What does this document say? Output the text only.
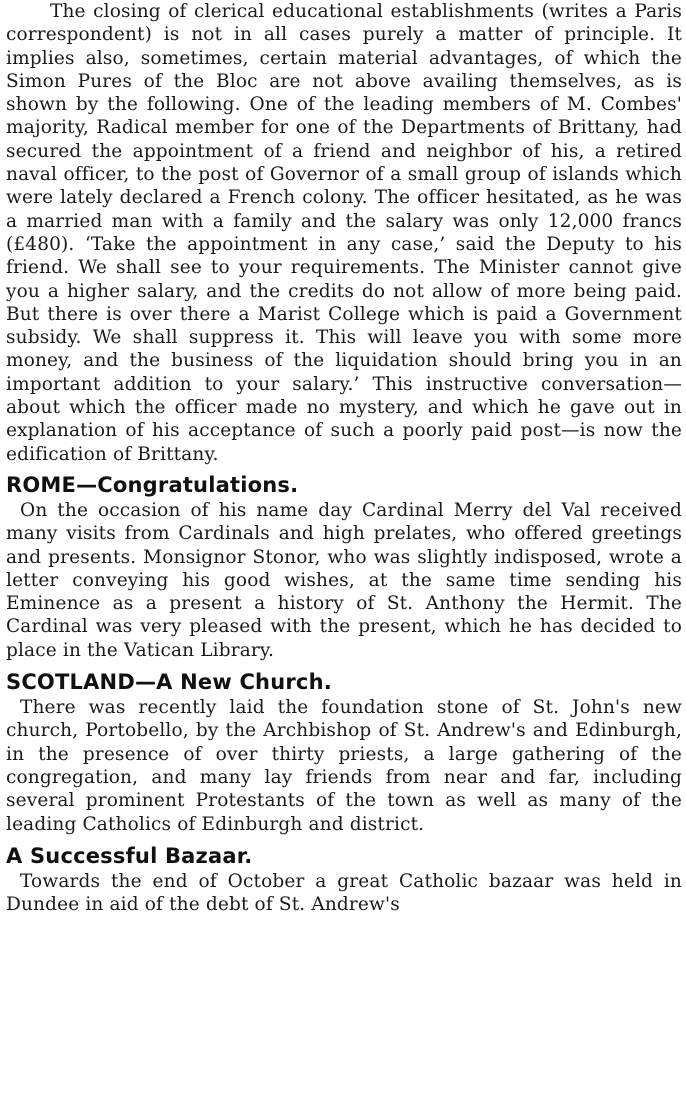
The closing of clerical educational establishments (writes a Paris correspondent) is not in all cases purely a matter of principle. It implies also, sometimes, certain material advantages, of which the Simon Pures of the Bloc are not above availing themselves, as is shown by the following. One of the leading members of M. Combes' majority, Radical member for one of the Departments of Brittany, had secured the appointment of a friend and neighbor of his, a retired naval officer, to the post of Governor of a small group of islands which were lately declared a French colony. The officer hesitated, as he was a married man with a family and the salary was only 12,000 francs (£480). ‘Take the appointment in any case,’ said the Deputy to his friend. We shall see to your requirements. The Minister cannot give you a higher salary, and the credits do not allow of more being paid. But there is over there a Marist College which is paid a Government subsidy. We shall suppress it. This will leave you with some more money, and the business of the liquidation should bring you in an important addition to your salary.’ This instructive conversation—about which the officer made no mystery, and which he gave out in explanation of his acceptance of such a poorly paid post—is now the edification of Brittany.

ROME—Congratulations.

On the occasion of his name day Cardinal Merry del Val received many visits from Cardinals and high prelates, who offered greetings and presents. Monsignor Stonor, who was slightly indisposed, wrote a letter conveying his good wishes, at the same time sending his Eminence as a present a history of St. Anthony the Hermit. The Cardinal was very pleased with the present, which he has decided to place in the Vatican Library.

SCOTLAND—A New Church.

There was recently laid the foundation stone of St. John's new church, Portobello, by the Archbishop of St. Andrew's and Edinburgh, in the presence of over thirty priests, a large gathering of the congregation, and many lay friends from near and far, including several prominent Protestants of the town as well as many of the leading Catholics of Edinburgh and district.

A Successful Bazaar.

Towards the end of October a great Catholic bazaar was held in Dundee in aid of the debt of St. Andrew's
